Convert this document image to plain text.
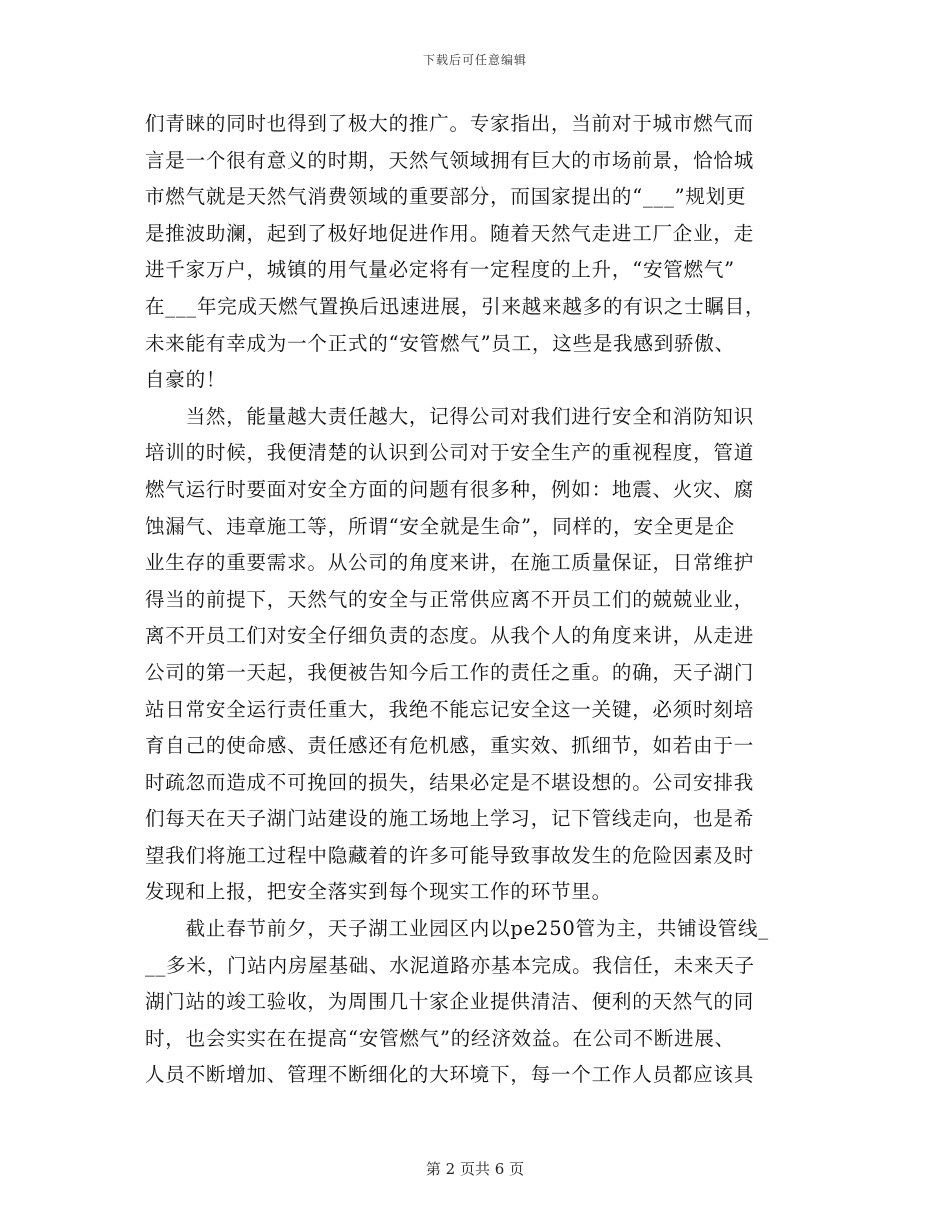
下载后可任意编辑
们青睐的同时也得到了极大的推广。专家指出，当前对于城市燃气而
言是一个很有意义的时期，天然气领域拥有巨大的市场前景，恰恰城
市燃气就是天然气消费领域的重要部分，而国家提出的“___”规划更
是推波助澜，起到了极好地促进作用。随着天然气走进工厂企业，走
进千家万户，城镇的用气量必定将有一定程度的上升，“安管燃气”
在___年完成天燃气置换后迅速进展，引来越来越多的有识之士瞩目，
未来能有幸成为一个正式的“安管燃气”员工，这些是我感到骄傲、
自豪的！
　　当然，能量越大责任越大，记得公司对我们进行安全和消防知识
培训的时候，我便清楚的认识到公司对于安全生产的重视程度，管道
燃气运行时要面对安全方面的问题有很多种，例如：地震、火灾、腐
蚀漏气、违章施工等，所谓“安全就是生命”，同样的，安全更是企
业生存的重要需求。从公司的角度来讲，在施工质量保证，日常维护
得当的前提下，天然气的安全与正常供应离不开员工们的兢兢业业，
离不开员工们对安全仔细负责的态度。从我个人的角度来讲，从走进
公司的第一天起，我便被告知今后工作的责任之重。的确，天子湖门
站日常安全运行责任重大，我绝不能忘记安全这一关键，必须时刻培
育自己的使命感、责任感还有危机感，重实效、抓细节，如若由于一
时疏忽而造成不可挽回的损失，结果必定是不堪设想的。公司安排我
们每天在天子湖门站建设的施工场地上学习，记下管线走向，也是希
望我们将施工过程中隐藏着的许多可能导致事故发生的危险因素及时
发现和上报，把安全落实到每个现实工作的环节里。
　　截止春节前夕，天子湖工业园区内以pe250管为主，共铺设管线_
__多米，门站内房屋基础、水泥道路亦基本完成。我信任，未来天子
湖门站的竣工验收，为周围几十家企业提供清洁、便利的天然气的同
时，也会实实在在提高“安管燃气”的经济效益。在公司不断进展、
人员不断增加、管理不断细化的大环境下，每一个工作人员都应该具
第 2 页共 6 页
